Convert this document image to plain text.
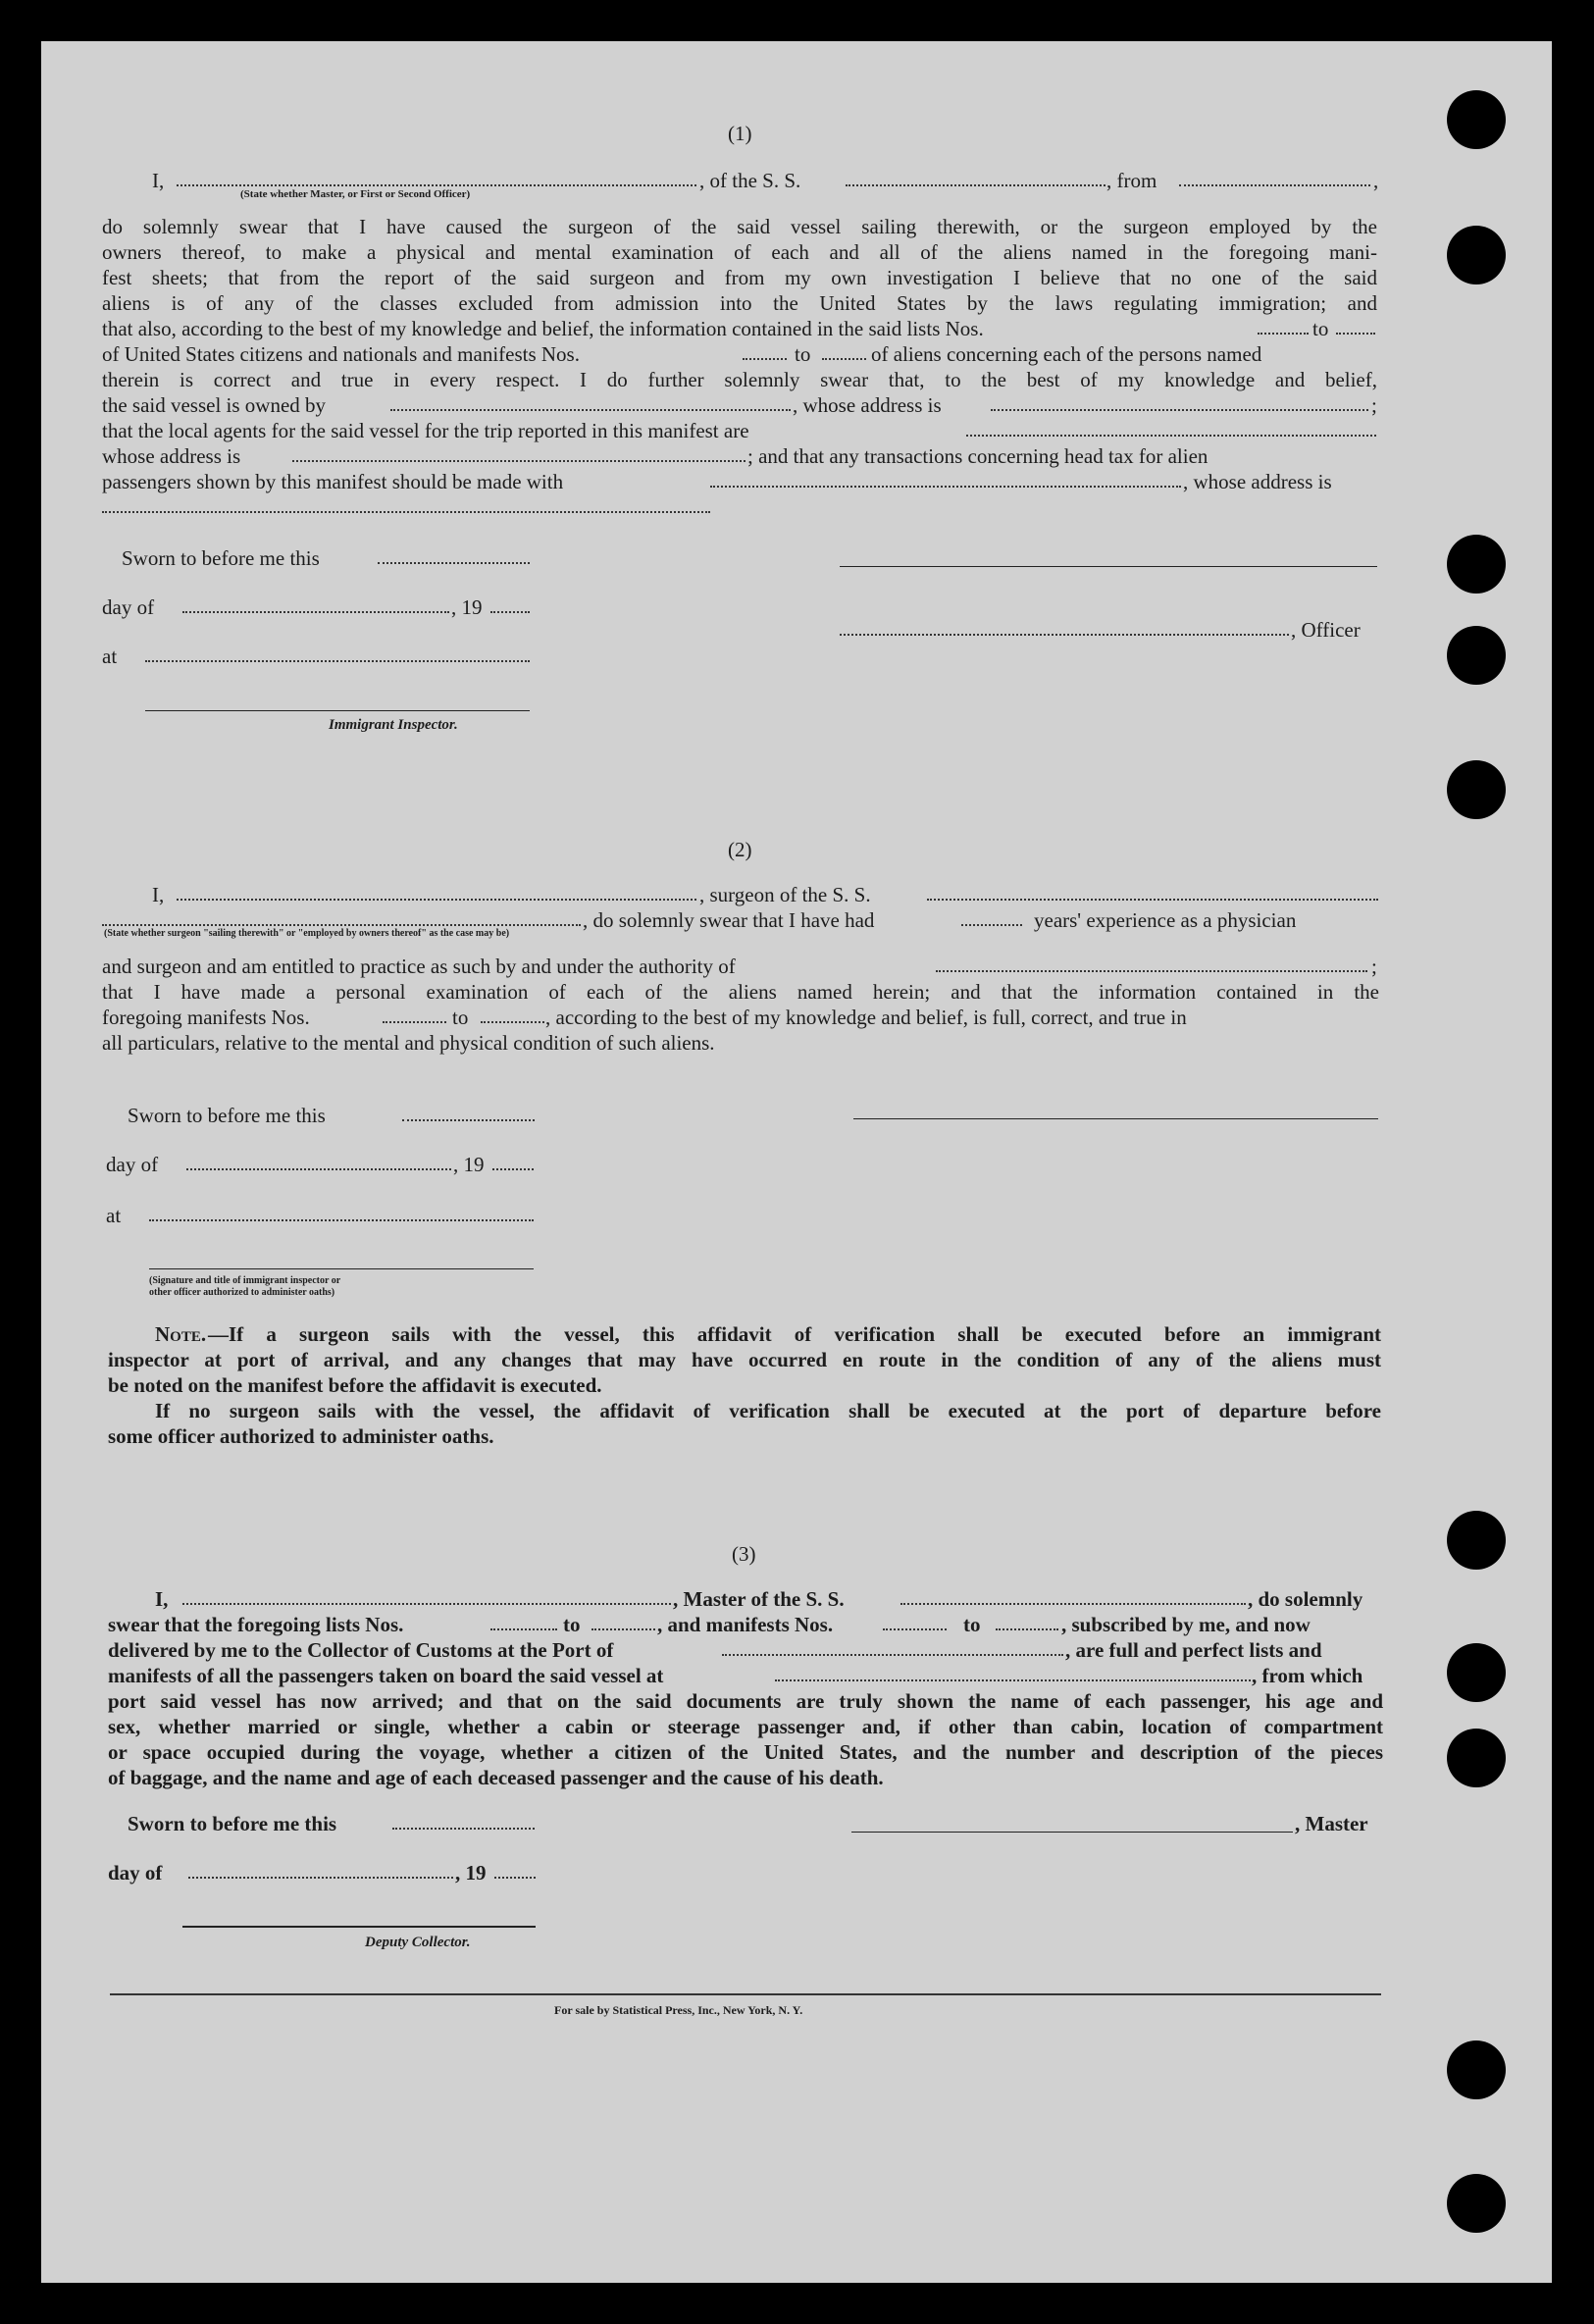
(1)
I,
(State whether Master, or First or Second Officer)
, of the S. S.	, from	,
do solemnly swear that I have caused the surgeon of the said vessel sailing therewith, or the surgeon employed by the
owners thereof, to make a physical and mental examination of each and all of the aliens named in the foregoing mani-
fest sheets; that from the report of the said surgeon and from my own investigation I believe that no one of the said
aliens is of any of the classes excluded from admission into the United States by the laws regulating immigration; and
that also, according to the best of my knowledge and belief, the information contained in the said lists Nos.	to
of United States citizens and nationals and manifests Nos.	to	of aliens concerning each of the persons named
therein is correct and true in every respect. I do further solemnly swear that, to the best of my knowledge and belief,
the said vessel is owned by	, whose address is	;
that the local agents for the said vessel for the trip reported in this manifest are
whose address is	; and that any transactions concerning head tax for alien
passengers shown by this manifest should be made with	, whose address is
Sworn to before me this
day of	, 19
, Officer
at
Immigrant Inspector.
(2)
I,	, surgeon of the S. S.
, do solemnly swear that I have had	years' experience as a physician
(State whether surgeon "sailing therewith" or "employed by owners thereof" as the case may be)
and surgeon and am entitled to practice as such by and under the authority of	;
that I have made a personal examination of each of the aliens named herein; and that the information contained in the
foregoing manifests Nos.	to	, according to the best of my knowledge and belief, is full, correct, and true in
all particulars, relative to the mental and physical condition of such aliens.
Sworn to before me this
day of	, 19
at
(Signature and title of immigrant inspector or
other officer authorized to administer oaths)
Note. —If a surgeon sails with the vessel, this affidavit of verification shall be executed before an immigrant
inspector at port of arrival, and any changes that may have occurred en route in the condition of any of the aliens must
be noted on the manifest before the affidavit is executed.
If no surgeon sails with the vessel, the affidavit of verification shall be executed at the port of departure before
some officer authorized to administer oaths.
(3)
I,	, Master of the S. S.	, do solemnly
swear that the foregoing lists Nos.	to	, and manifests Nos.	to	, subscribed by me, and now
delivered by me to the Collector of Customs at the Port of	, are full and perfect lists and
manifests of all the passengers taken on board the said vessel at	, from which
port said vessel has now arrived; and that on the said documents are truly shown the name of each passenger, his age and
sex, whether married or single, whether a cabin or steerage passenger and, if other than cabin, location of compartment
or space occupied during the voyage, whether a citizen of the United States, and the number and description of the pieces
of baggage, and the name and age of each deceased passenger and the cause of his death.
Sworn to before me this	, Master
day of	, 19
Deputy Collector.
For sale by Statistical Press, Inc., New York, N. Y.
